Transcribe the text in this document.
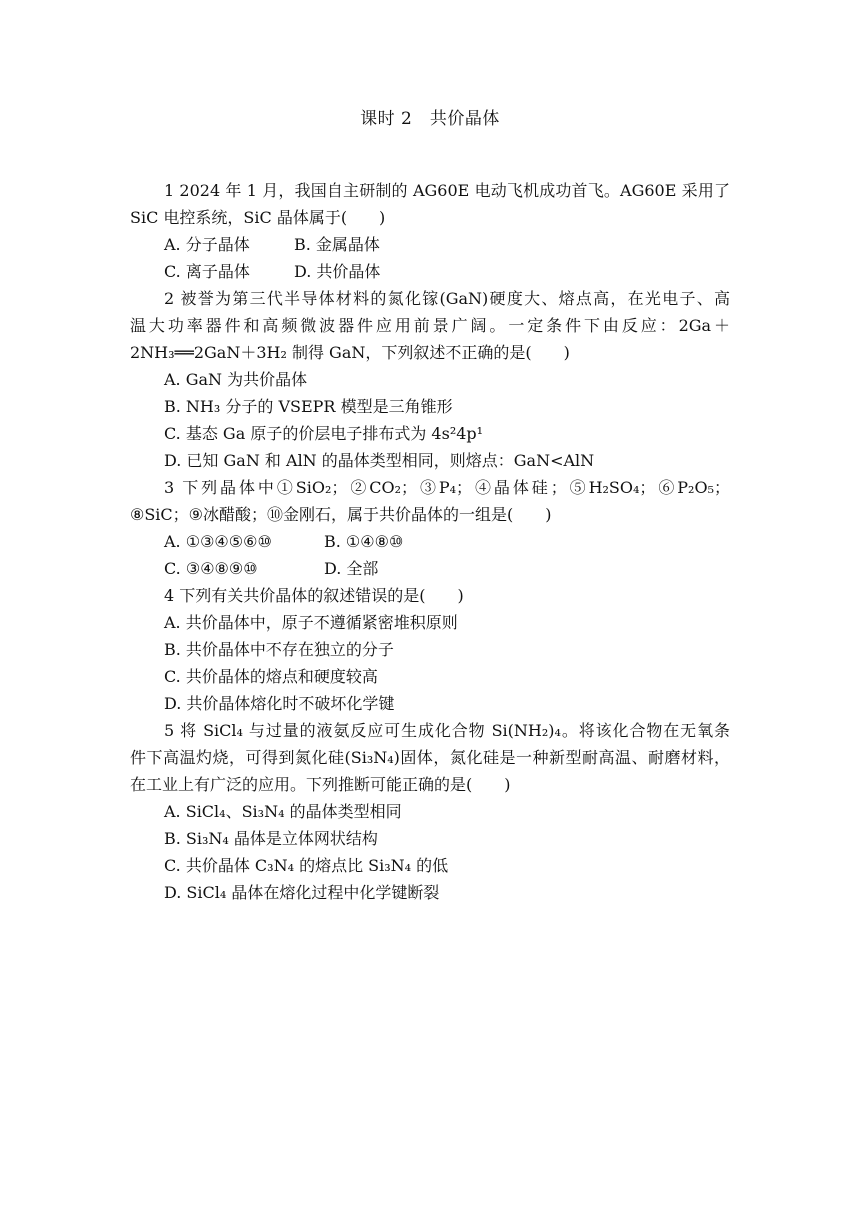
课时 2　共价晶体
1 2024 年 1 月，我国自主研制的 AG60E 电动飞机成功首飞。AG60E 采用了
SiC 电控系统，SiC 晶体属于(　　)
A. 分子晶体	B. 金属晶体
C. 离子晶体	D. 共价晶体
2 被誉为第三代半导体材料的氮化镓(GaN)硬度大、熔点高，在光电子、高
温大功率器件和高频微波器件应用前景广阔。一定条件下由反应：2Ga＋
2NH₃══2GaN＋3H₂ 制得 GaN，下列叙述不正确的是(　　)
A. GaN 为共价晶体
B. NH₃ 分子的 VSEPR 模型是三角锥形
C. 基态 Ga 原子的价层电子排布式为 4s²4p¹
D. 已知 GaN 和 AlN 的晶体类型相同，则熔点：GaN<AlN
3 下列晶体中①SiO₂；②CO₂；③P₄；④晶体硅；⑤H₂SO₄；⑥P₂O₅；
⑧SiC；⑨冰醋酸；⑩金刚石，属于共价晶体的一组是(　　)
A. ①③④⑤⑥⑩	B. ①④⑧⑩
C. ③④⑧⑨⑩	D. 全部
4 下列有关共价晶体的叙述错误的是(　　)
A. 共价晶体中，原子不遵循紧密堆积原则
B. 共价晶体中不存在独立的分子
C. 共价晶体的熔点和硬度较高
D. 共价晶体熔化时不破坏化学键
5 将 SiCl₄ 与过量的液氨反应可生成化合物 Si(NH₂)₄。将该化合物在无氧条
件下高温灼烧，可得到氮化硅(Si₃N₄)固体，氮化硅是一种新型耐高温、耐磨材料，
在工业上有广泛的应用。下列推断可能正确的是(　　)
A. SiCl₄、Si₃N₄ 的晶体类型相同
B. Si₃N₄ 晶体是立体网状结构
C. 共价晶体 C₃N₄ 的熔点比 Si₃N₄ 的低
D. SiCl₄ 晶体在熔化过程中化学键断裂
